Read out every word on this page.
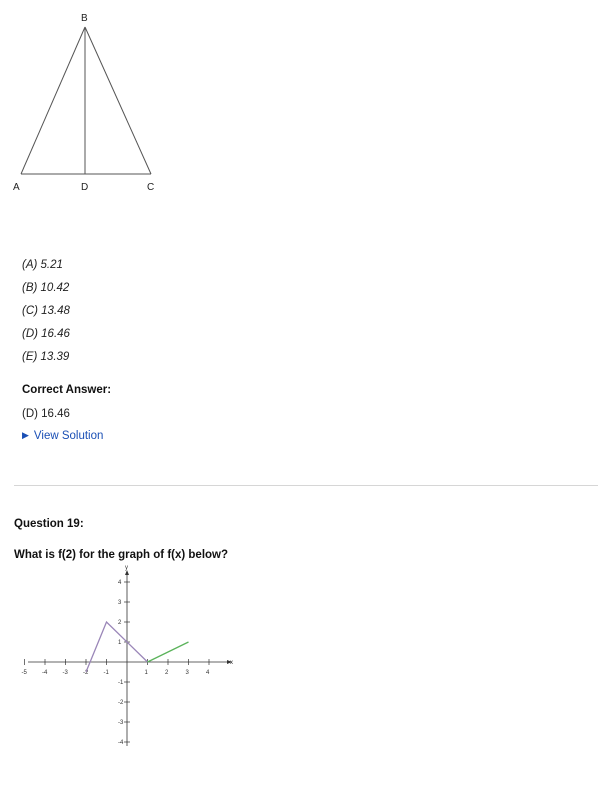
B
A	D	C
(A) 5.21
(B) 10.42
(C) 13.48
(D) 16.46
(E) 13.39
Correct Answer:
(D) 16.46
▶ View Solution
Question 19:
What is f(2) for the graph of f(x) below?
x
y
-5	-4	-3	-2	-1	1	2	3	4
1
2
3
4
-1
-2
-3
-4
